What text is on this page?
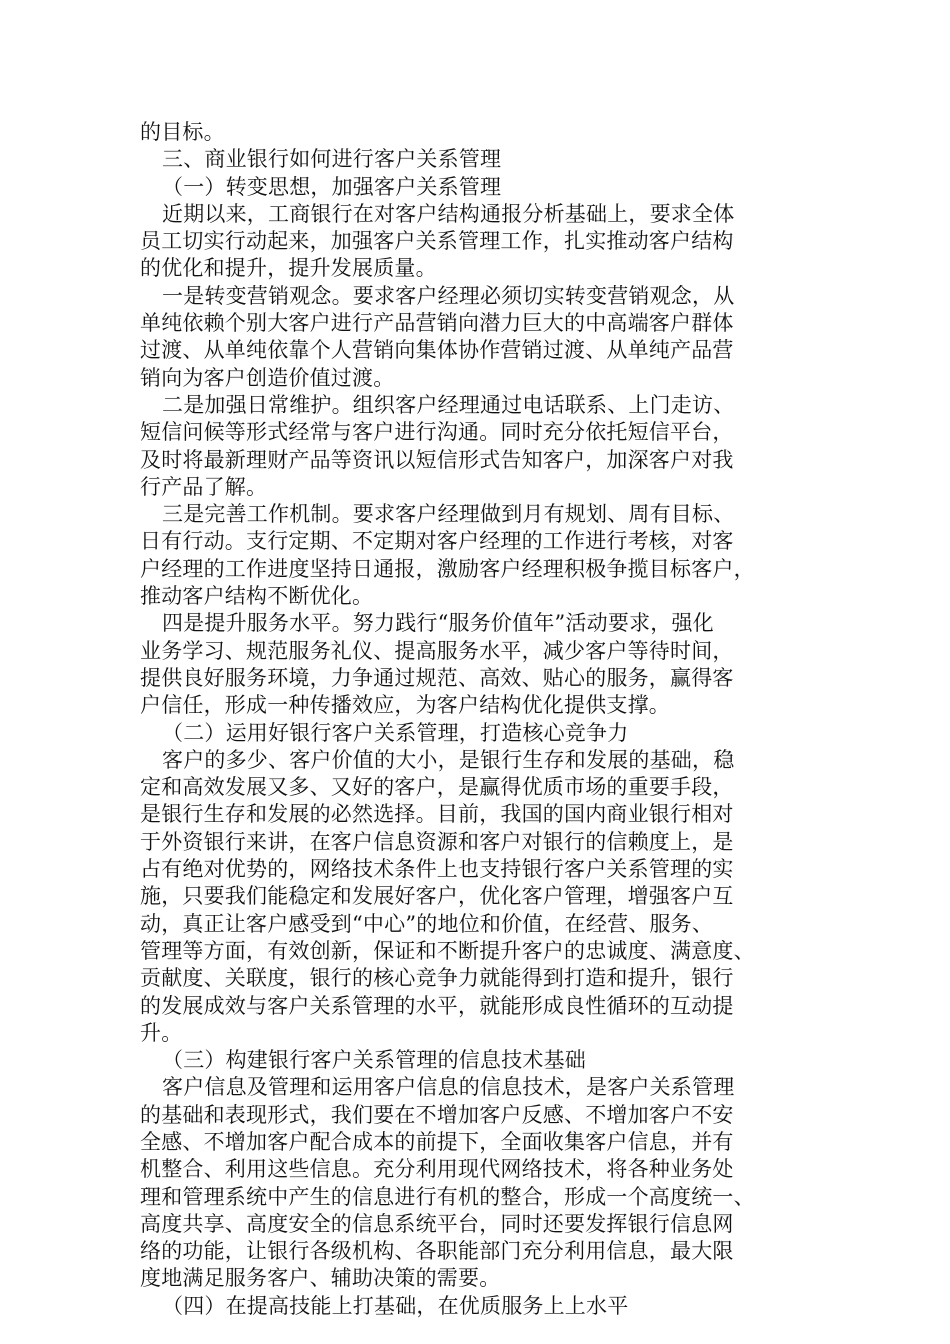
的目标。
三、商业银行如何进行客户关系管理
（一）转变思想，加强客户关系管理
近期以来，工商银行在对客户结构通报分析基础上，要求全体
员工切实行动起来，加强客户关系管理工作，扎实推动客户结构
的优化和提升，提升发展质量。
一是转变营销观念。要求客户经理必须切实转变营销观念，从
单纯依赖个别大客户进行产品营销向潜力巨大的中高端客户群体
过渡、从单纯依靠个人营销向集体协作营销过渡、从单纯产品营
销向为客户创造价值过渡。
二是加强日常维护。组织客户经理通过电话联系、上门走访、
短信问候等形式经常与客户进行沟通。同时充分依托短信平台，
及时将最新理财产品等资讯以短信形式告知客户，加深客户对我
行产品了解。
三是完善工作机制。要求客户经理做到月有规划、周有目标、
日有行动。支行定期、不定期对客户经理的工作进行考核，对客
户经理的工作进度坚持日通报，激励客户经理积极争揽目标客户，
推动客户结构不断优化。
四是提升服务水平。努力践行“服务价值年”活动要求，强化
业务学习、规范服务礼仪、提高服务水平，减少客户等待时间，
提供良好服务环境，力争通过规范、高效、贴心的服务，赢得客
户信任，形成一种传播效应，为客户结构优化提供支撑。
（二）运用好银行客户关系管理，打造核心竞争力
客户的多少、客户价值的大小，是银行生存和发展的基础，稳
定和高效发展又多、又好的客户，是赢得优质市场的重要手段，
是银行生存和发展的必然选择。目前，我国的国内商业银行相对
于外资银行来讲，在客户信息资源和客户对银行的信赖度上，是
占有绝对优势的，网络技术条件上也支持银行客户关系管理的实
施，只要我们能稳定和发展好客户，优化客户管理，增强客户互
动，真正让客户感受到“中心”的地位和价值，在经营、服务、
管理等方面，有效创新，保证和不断提升客户的忠诚度、满意度、
贡献度、关联度，银行的核心竞争力就能得到打造和提升，银行
的发展成效与客户关系管理的水平，就能形成良性循环的互动提
升。
（三）构建银行客户关系管理的信息技术基础
客户信息及管理和运用客户信息的信息技术，是客户关系管理
的基础和表现形式，我们要在不增加客户反感、不增加客户不安
全感、不增加客户配合成本的前提下，全面收集客户信息，并有
机整合、利用这些信息。充分利用现代网络技术，将各种业务处
理和管理系统中产生的信息进行有机的整合，形成一个高度统一、
高度共享、高度安全的信息系统平台，同时还要发挥银行信息网
络的功能，让银行各级机构、各职能部门充分利用信息，最大限
度地满足服务客户、辅助决策的需要。
（四）在提高技能上打基础，在优质服务上上水平
